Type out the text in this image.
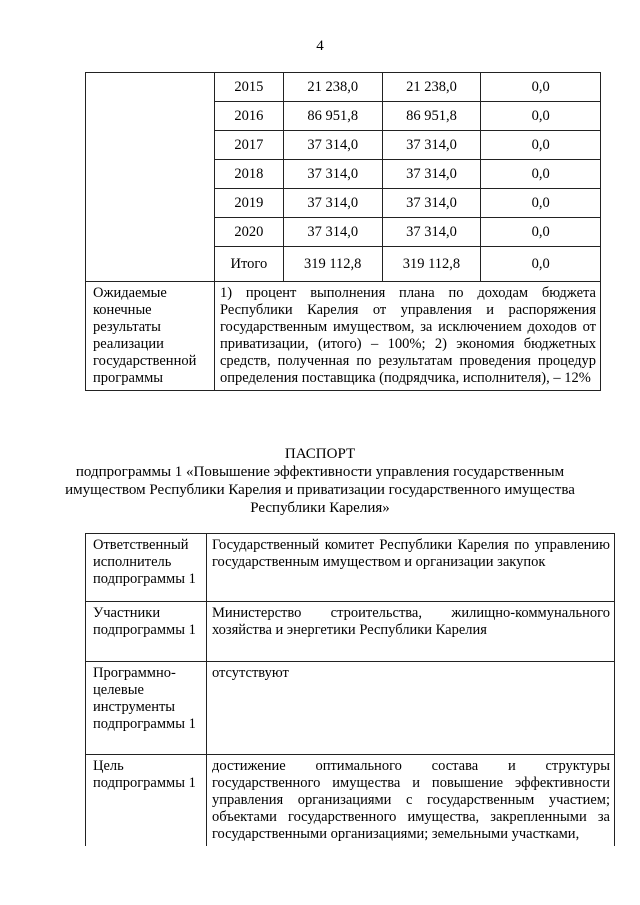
4
	2015	21 238,0	21 238,0	0,0
	2016	86 951,8	86 951,8	0,0
	2017	37 314,0	37 314,0	0,0
	2018	37 314,0	37 314,0	0,0
	2019	37 314,0	37 314,0	0,0
	2020	37 314,0	37 314,0	0,0
	Итого	319 112,8	319 112,8	0,0
Ожидаемые конечные результаты реализации государственной программы	1) процент выполнения плана по доходам бюджета Республики Карелия от управления и распоряжения государственным имуществом, за исключением доходов от приватизации, (итого) – 100%; 2) экономия бюджетных средств, полученная по результатам проведения процедур определения поставщика (подрядчика, исполнителя), – 12%			
ПАСПОРТ
подпрограммы 1 «Повышение эффективности управления государственным имуществом Республики Карелия и приватизации государственного имущества Республики Карелия»
Ответственный исполнитель подпрограммы 1	Государственный комитет Республики Карелия по управлению государственным имуществом и организации закупок
Участники подпрограммы 1	Министерство строительства, жилищно-коммунального хозяйства и энергетики Республики Карелия
Программно-целевые инструменты подпрограммы 1	отсутствуют
Цель подпрограммы 1	достижение оптимального состава и структуры государственного имущества и повышение эффективности управления организациями с государственным участием; объектами государственного имущества, закрепленными за государственными организациями; земельными участками,
